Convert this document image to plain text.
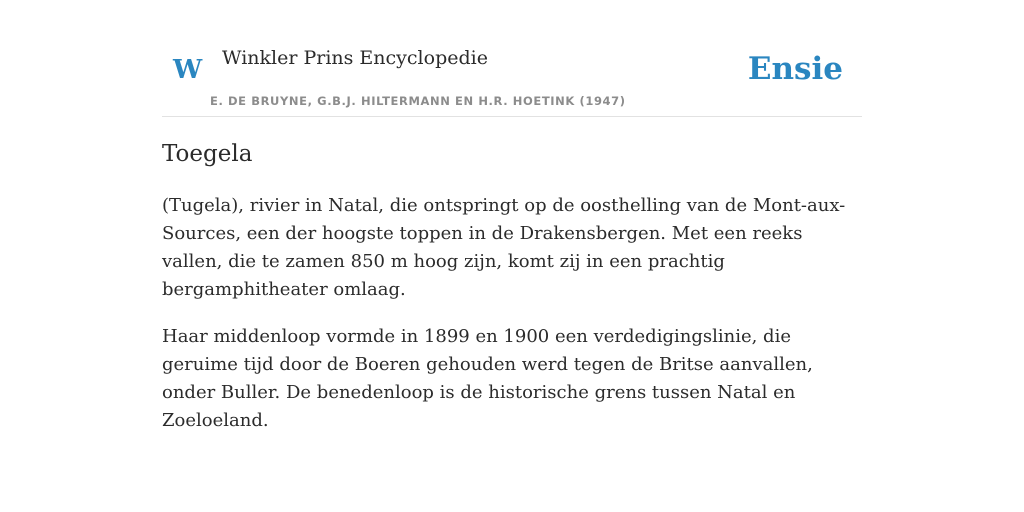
W Winkler Prins Encyclopedie
E. DE BRUYNE, G.B.J. HILTERMANN EN H.R. HOETINK (1947)
Ensie
Toegela

(Tugela), rivier in Natal, die ontspringt op de oosthelling van de Mont-aux-Sources, een der hoogste toppen in de Drakensbergen. Met een reeks vallen, die te zamen 850 m hoog zijn, komt zij in een prachtig bergamphitheater omlaag.

Haar middenloop vormde in 1899 en 1900 een verdedigingslinie, die geruime tijd door de Boeren gehouden werd tegen de Britse aanvallen, onder Buller. De benedenloop is de historische grens tussen Natal en Zoeloeland.
